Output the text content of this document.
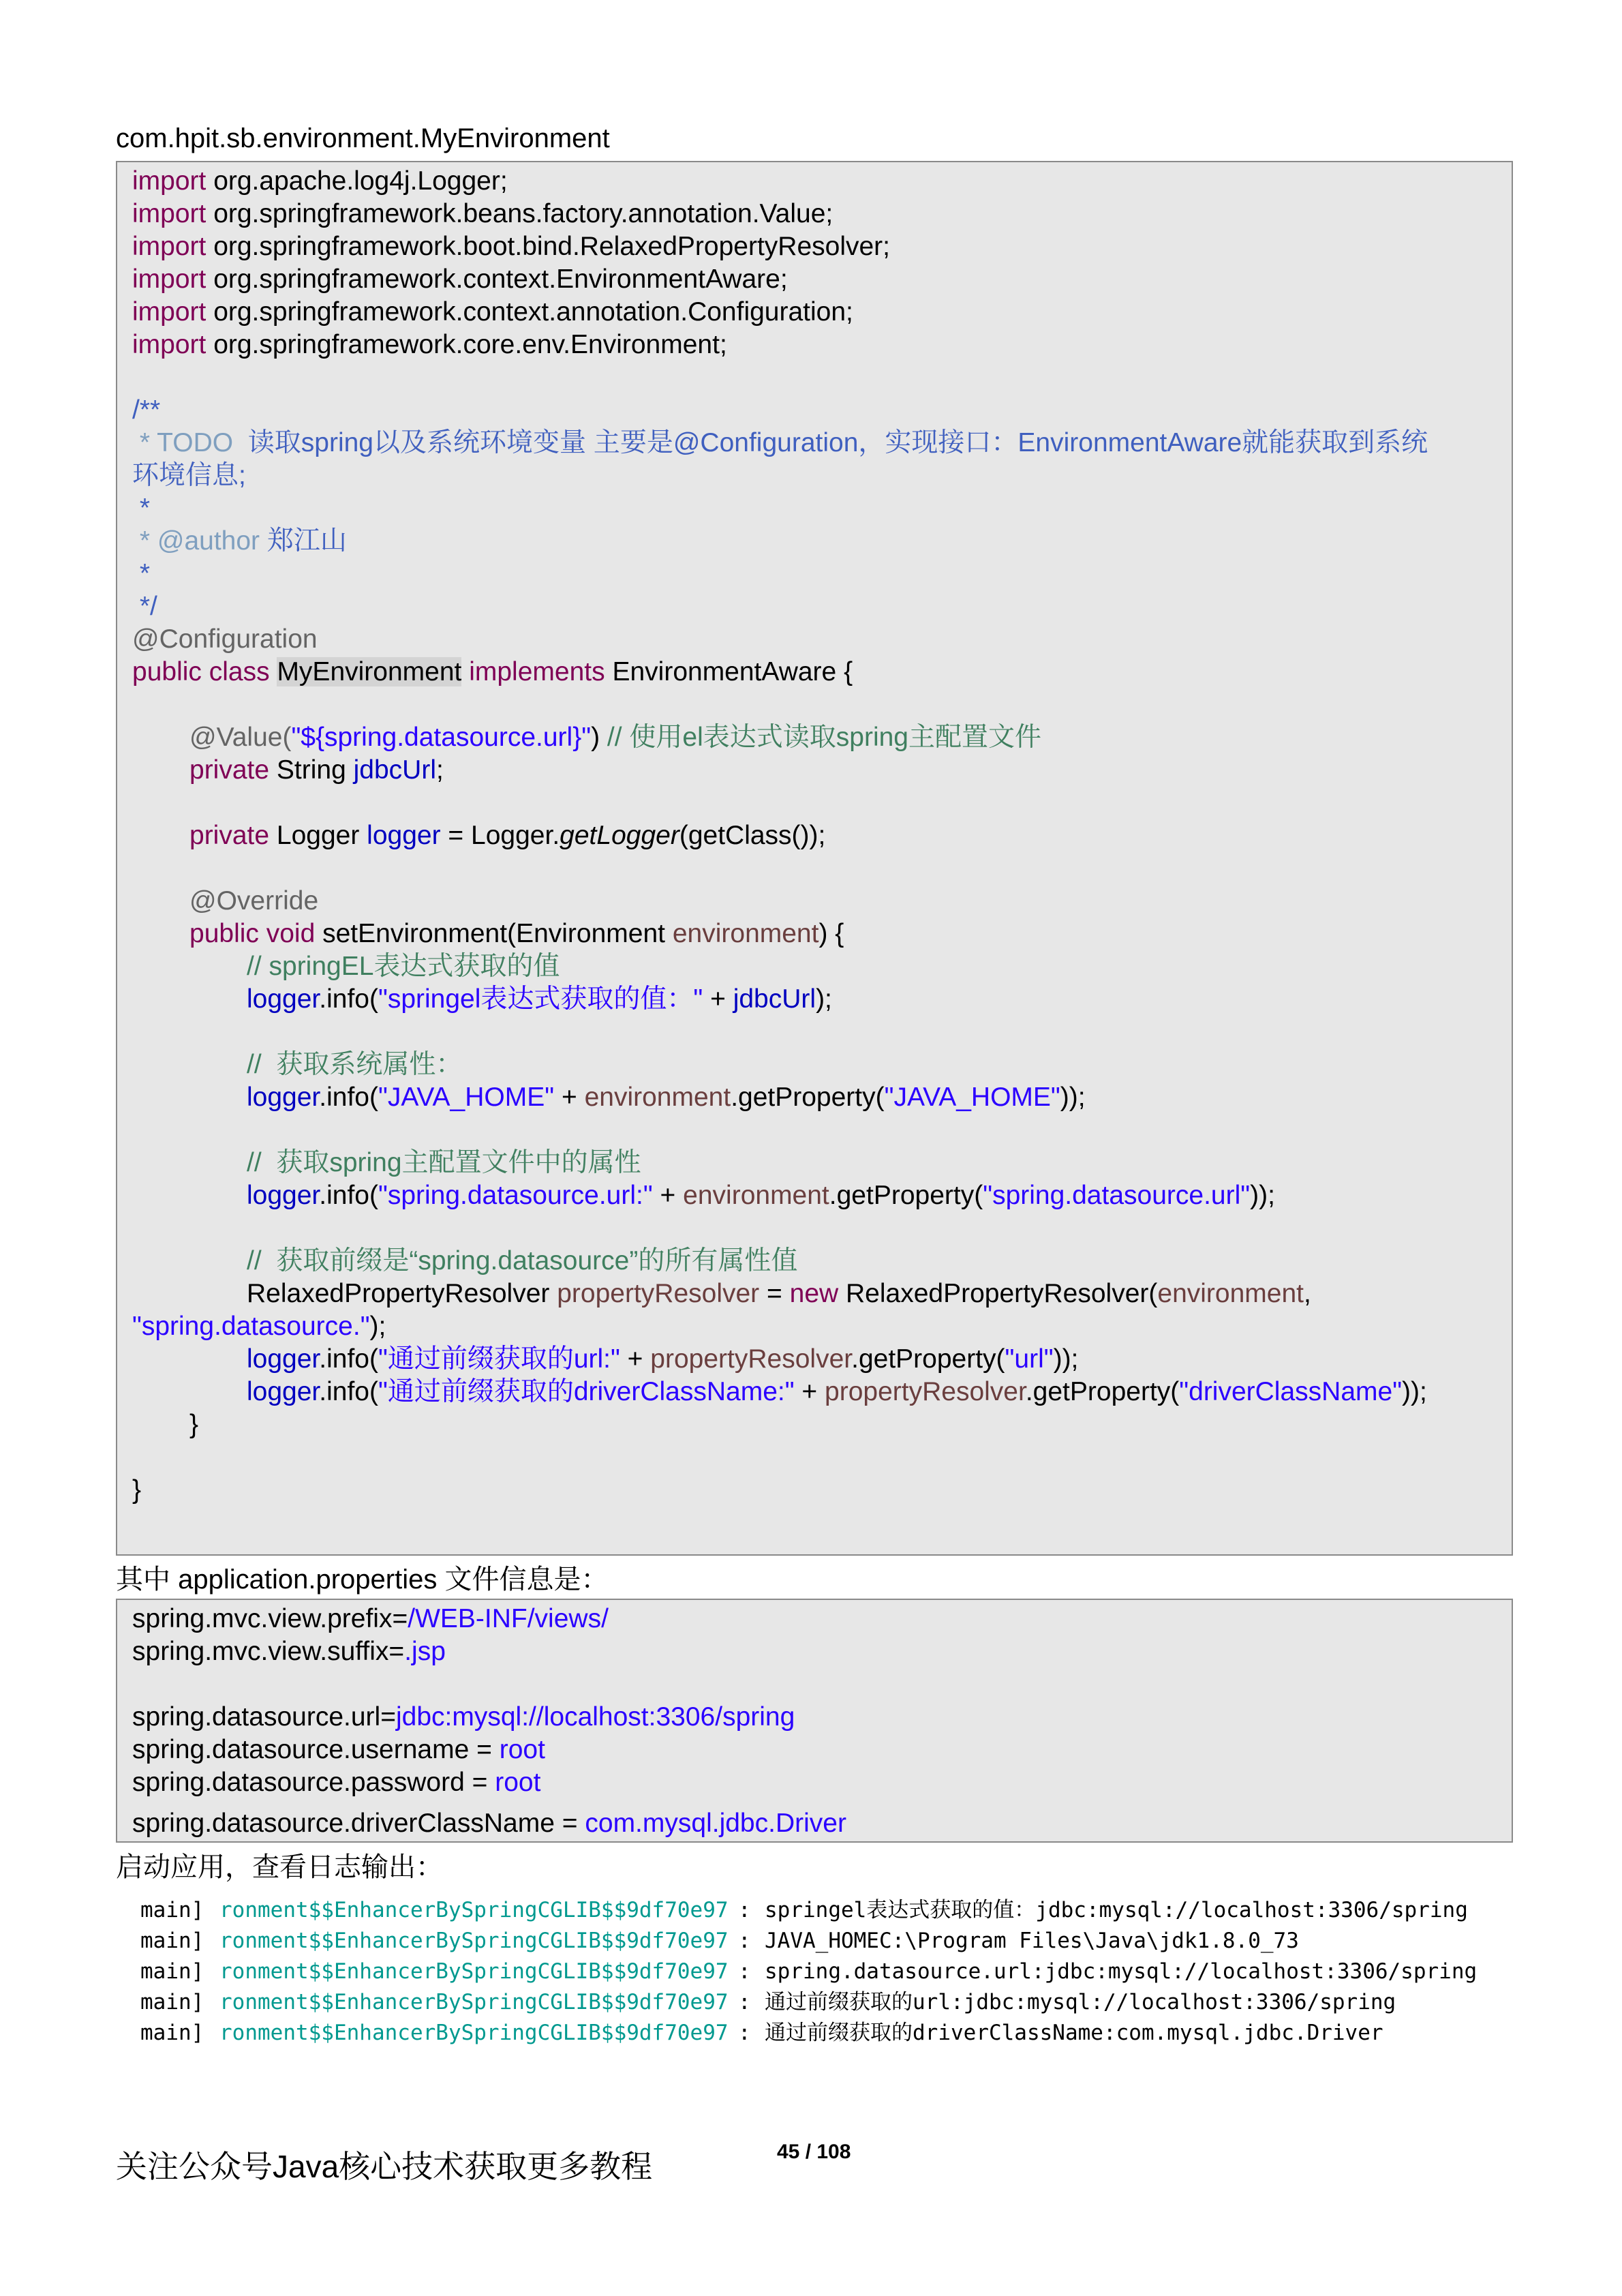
com.hpit.sb.environment.MyEnvironment
import org.apache.log4j.Logger;
import org.springframework.beans.factory.annotation.Value;
import org.springframework.boot.bind.RelaxedPropertyResolver;
import org.springframework.context.EnvironmentAware;
import org.springframework.context.annotation.Configuration;
import org.springframework.core.env.Environment;
/**
* TODO  读取spring以及系统环境变量 主要是@Configuration，实现接口：EnvironmentAware就能获取到系统
环境信息;
*
* @author 郑江山
*
*/
@Configuration
public class MyEnvironment implements EnvironmentAware {
@Value("${spring.datasource.url}") // 使用el表达式读取spring主配置文件
private String jdbcUrl;
private Logger logger = Logger.getLogger(getClass());
@Override
public void setEnvironment(Environment environment) {
// springEL表达式获取的值
logger.info("springel表达式获取的值：" + jdbcUrl);
//  获取系统属性：
logger.info("JAVA_HOME" + environment.getProperty("JAVA_HOME"));
//  获取spring主配置文件中的属性
logger.info("spring.datasource.url:" + environment.getProperty("spring.datasource.url"));
//  获取前缀是“spring.datasource”的所有属性值
RelaxedPropertyResolver propertyResolver = new RelaxedPropertyResolver(environment,
"spring.datasource.");
logger.info("通过前缀获取的url:" + propertyResolver.getProperty("url"));
logger.info("通过前缀获取的driverClassName:" + propertyResolver.getProperty("driverClassName"));
}
}
其中 application.properties 文件信息是：
spring.mvc.view.prefix=/WEB-INF/views/
spring.mvc.view.suffix=.jsp
spring.datasource.url=jdbc:mysql://localhost:3306/spring
spring.datasource.username = root
spring.datasource.password = root
spring.datasource.driverClassName = com.mysql.jdbc.Driver
启动应用，查看日志输出：
main] ronment$$EnhancerBySpringCGLIB$$9df70e97 : springel表达式获取的值：jdbc:mysql://localhost:3306/spring
main] ronment$$EnhancerBySpringCGLIB$$9df70e97 : JAVA_HOMEC:\Program Files\Java\jdk1.8.0_73
main] ronment$$EnhancerBySpringCGLIB$$9df70e97 : spring.datasource.url:jdbc:mysql://localhost:3306/spring
main] ronment$$EnhancerBySpringCGLIB$$9df70e97 : 通过前缀获取的url:jdbc:mysql://localhost:3306/spring
main] ronment$$EnhancerBySpringCGLIB$$9df70e97 : 通过前缀获取的driverClassName:com.mysql.jdbc.Driver
关注公众号Java核心技术获取更多教程	45 / 108
